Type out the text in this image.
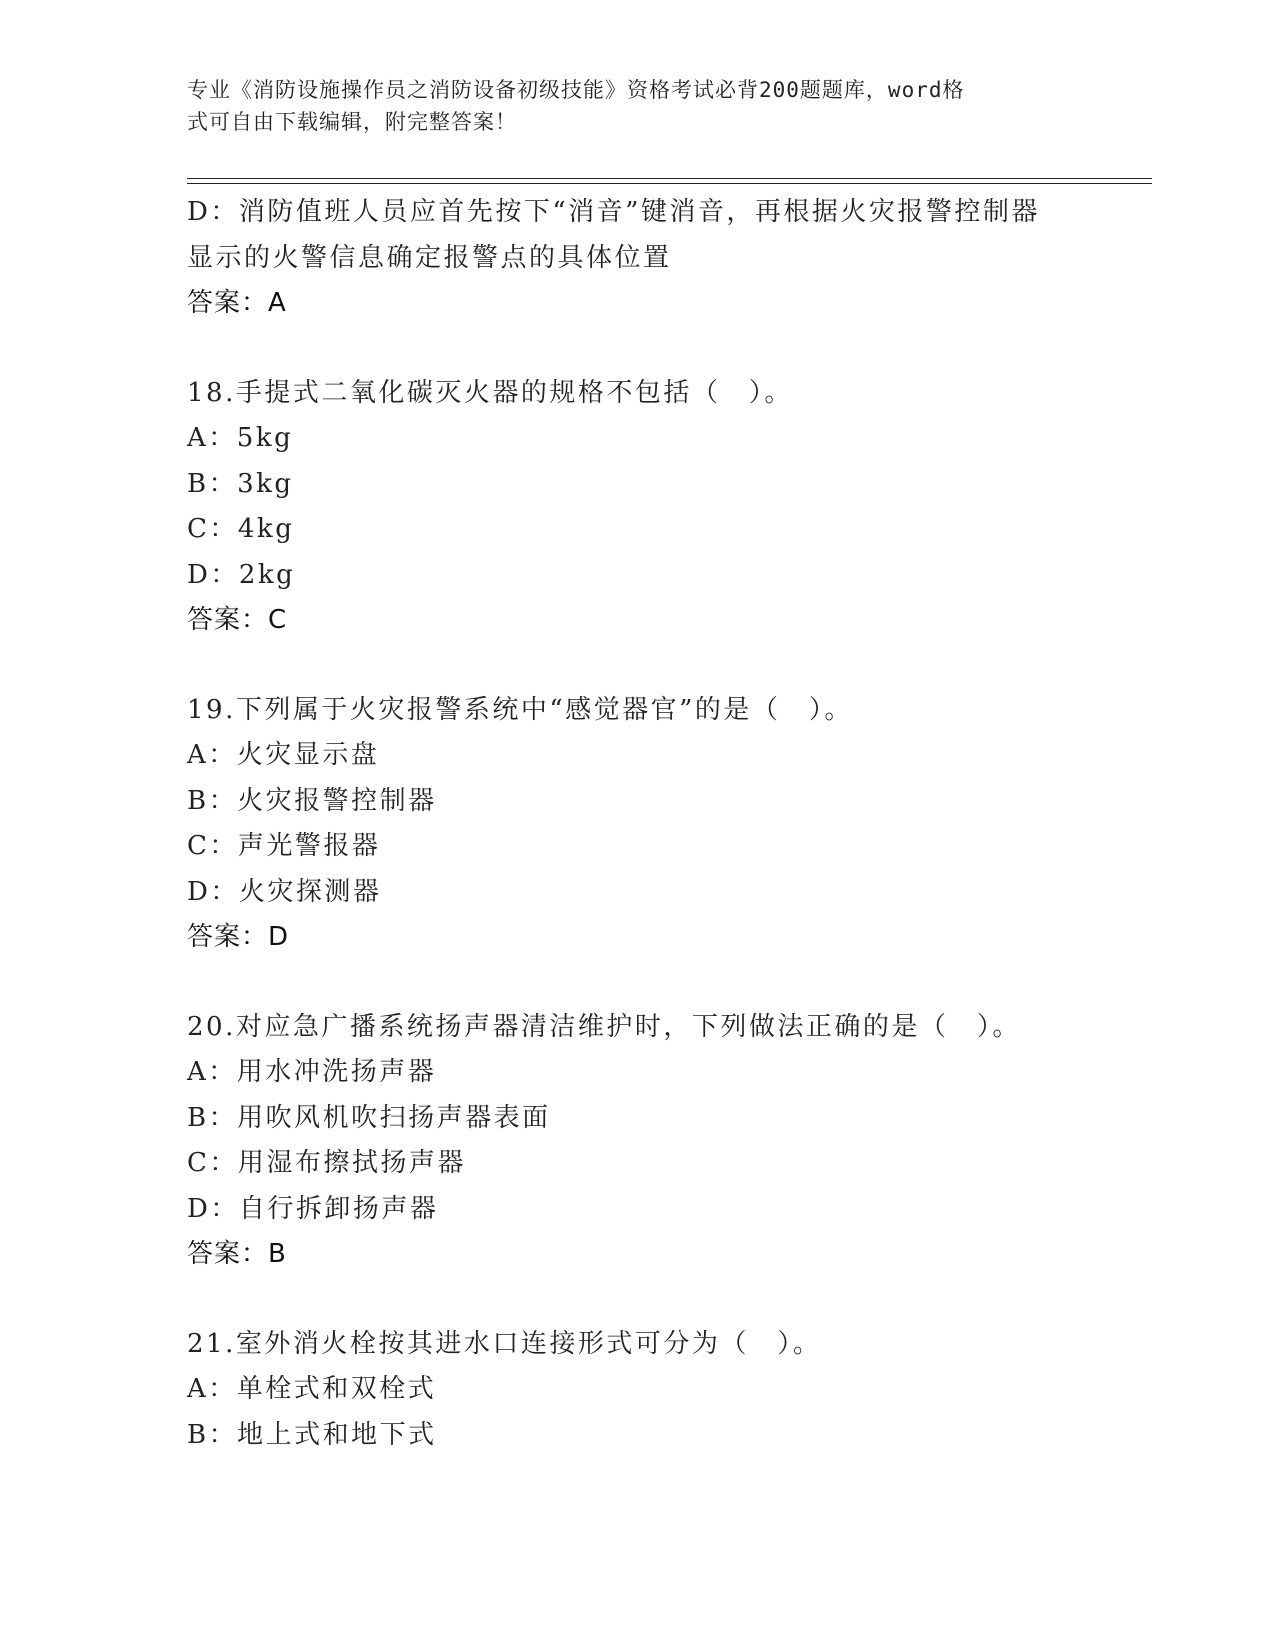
专业《消防设施操作员之消防设备初级技能》资格考试必背200题题库，word格
式可自由下载编辑，附完整答案！
D：消防值班人员应首先按下“消音”键消音，再根据火灾报警控制器
显示的火警信息确定报警点的具体位置
答案：A
18.手提式二氧化碳灭火器的规格不包括（　）。
A：5kg
B：3kg
C：4kg
D：2kg
答案：C
19.下列属于火灾报警系统中“感觉器官”的是（　）。
A：火灾显示盘
B：火灾报警控制器
C：声光警报器
D：火灾探测器
答案：D
20.对应急广播系统扬声器清洁维护时，下列做法正确的是（　）。
A：用水冲洗扬声器
B：用吹风机吹扫扬声器表面
C：用湿布擦拭扬声器
D：自行拆卸扬声器
答案：B
21.室外消火栓按其进水口连接形式可分为（　）。
A：单栓式和双栓式
B：地上式和地下式
